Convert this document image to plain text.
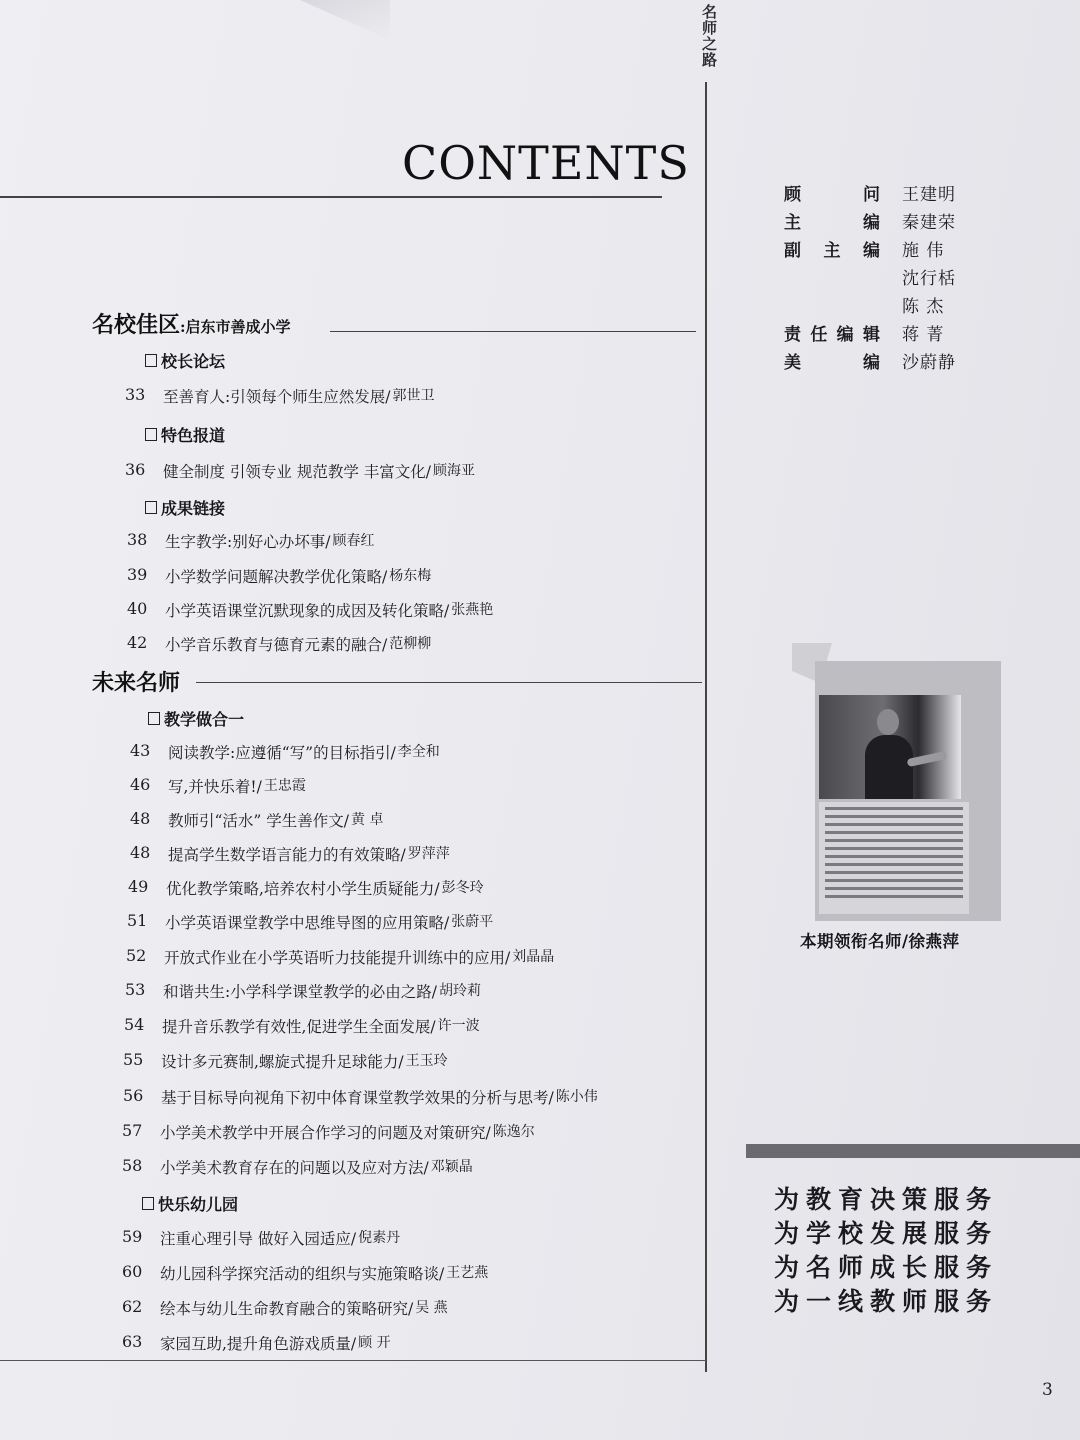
名师之路
CONTENTS
名校佳区:启东市善成小学
校长论坛
33	至善育人:引领每个师生应然发展/ 郭世卫
特色报道
36	健全制度 引领专业 规范教学 丰富文化/ 顾海亚
成果链接
38	生字教学:别好心办坏事/ 顾春红
39	小学数学问题解决教学优化策略/ 杨东梅
40	小学英语课堂沉默现象的成因及转化策略/ 张燕艳
42	小学音乐教育与德育元素的融合/ 范柳柳
未来名师
教学做合一
43	阅读教学:应遵循“写”的目标指引/ 李全和
46	写,并快乐着!/ 王忠霞
48	教师引“活水” 学生善作文/ 黄 卓
48	提高学生数学语言能力的有效策略/ 罗萍萍
49	优化教学策略,培养农村小学生质疑能力/ 彭冬玲
51	小学英语课堂教学中思维导图的应用策略/ 张蔚平
52	开放式作业在小学英语听力技能提升训练中的应用/ 刘晶晶
53	和谐共生:小学科学课堂教学的必由之路/ 胡玲莉
54	提升音乐教学有效性,促进学生全面发展/ 许一波
55	设计多元赛制,螺旋式提升足球能力/ 王玉玲
56	基于目标导向视角下初中体育课堂教学效果的分析与思考/ 陈小伟
57	小学美术教学中开展合作学习的问题及对策研究/ 陈逸尔
58	小学美术教育存在的问题以及应对方法/ 邓颖晶
快乐幼儿园
59	注重心理引导 做好入园适应/ 倪素丹
60	幼儿园科学探究活动的组织与实施策略谈/ 王艺燕
62	绘本与幼儿生命教育融合的策略研究/ 吴 燕
63	家园互助,提升角色游戏质量/ 顾 开
顾	问 王建明
主	编 秦建荣
副 主 编 施 伟
沈行栝
陈 杰
责 任 编 辑 蒋 菁
美	编 沙蔚静
本期领衔名师/徐燕萍
为教育决策服务
为学校发展服务
为名师成长服务
为一线教师服务
3
